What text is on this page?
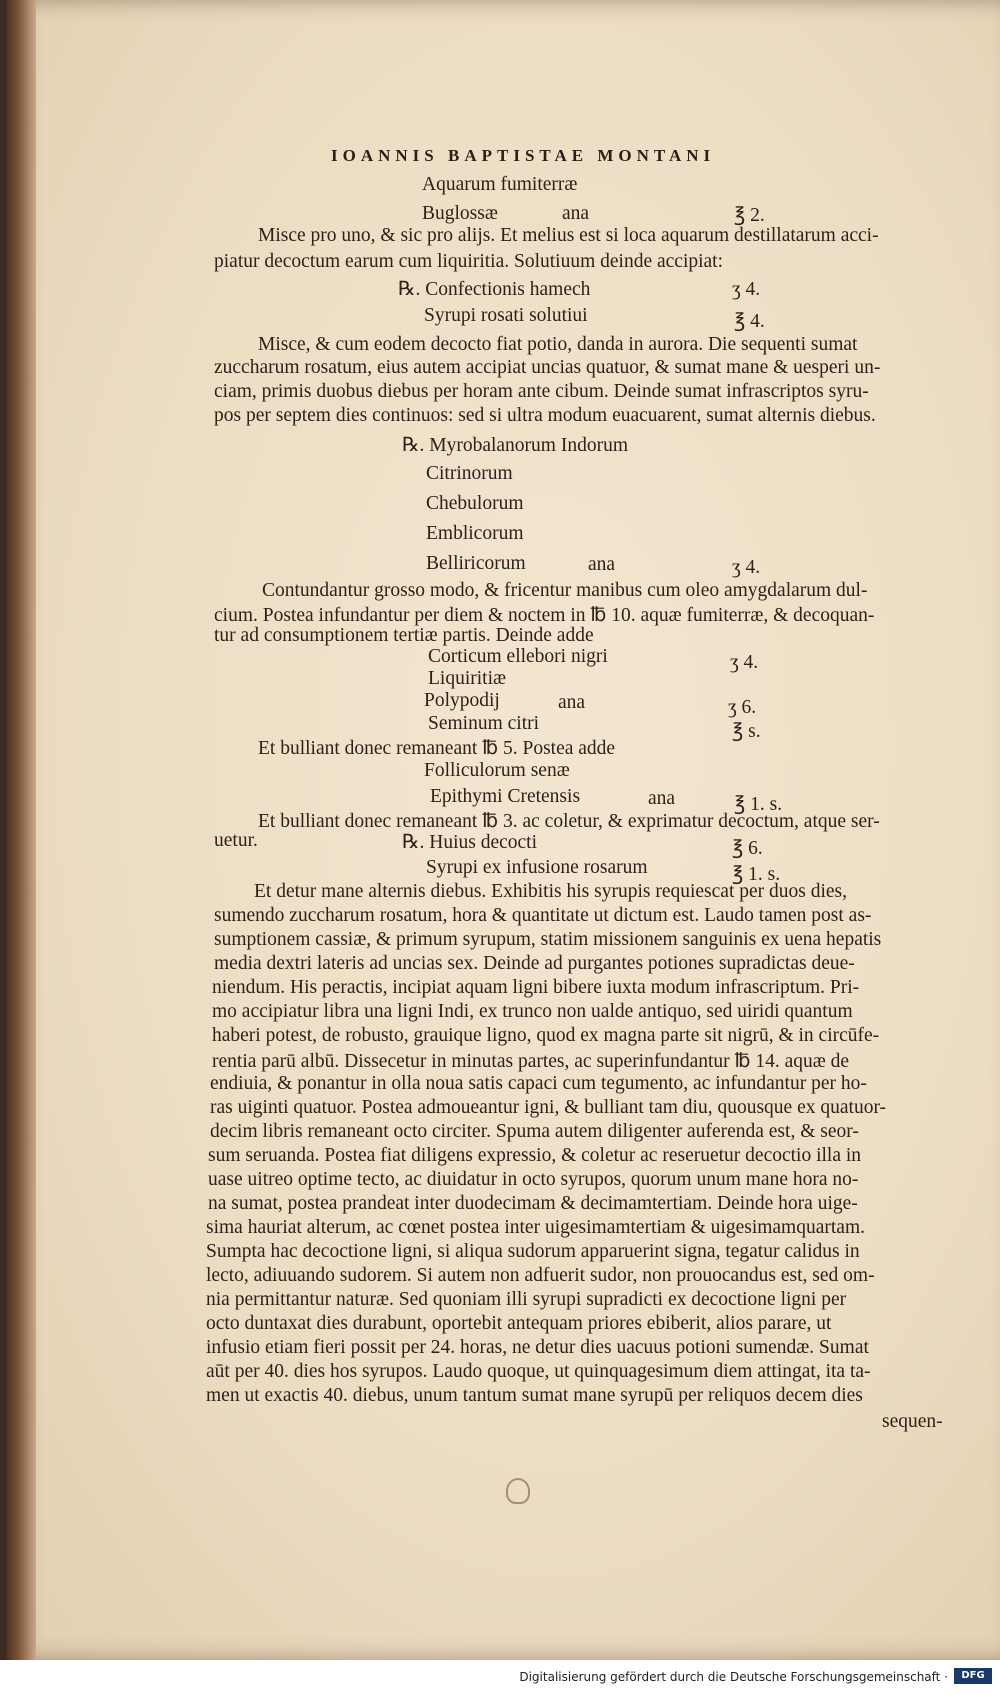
IOANNIS BAPTISTAE MONTANI
Aquarum fumiterræ
Buglossæ	ana	℥ 2.
℞. Confectionis hamech	ʒ 4.
Syrupi rosati solutiui	℥ 4.
℞. Myrobalanorum Indorum
Citrinorum
Chebulorum
Emblicorum
Belliricorum	ana	ʒ 4.
Corticum ellebori nigri	ʒ 4.
Liquiritiæ
Polypodij	ana	ʒ 6.
Seminum citri	℥ s.
Folliculorum senæ
Epithymi Cretensis	ana	℥ 1. s.
℞. Huius decocti	℥ 6.
Syrupi ex infusione rosarum	℥ 1. s.
Misce pro uno, & sic pro alijs. Et melius est si loca aquarum destillatarum acci-
piatur decoctum earum cum liquiritia. Solutiuum deinde accipiat:
Misce, & cum eodem decocto fiat potio, danda in aurora. Die sequenti sumat
zuccharum rosatum, eius autem accipiat uncias quatuor, & sumat mane & uesperi un-
ciam, primis duobus diebus per horam ante cibum. Deinde sumat infrascriptos syru-
pos per septem dies continuos: sed si ultra modum euacuarent, sumat alternis diebus.
Contundantur grosso modo, & fricentur manibus cum oleo amygdalarum dul-
cium. Postea infundantur per diem & noctem in ℔ 10. aquæ fumiterræ, & decoquan-
tur ad consumptionem tertiæ partis. Deinde adde
Et bulliant donec remaneant ℔ 5. Postea adde
Et bulliant donec remaneant ℔ 3. ac coletur, & exprimatur decoctum, atque ser-
uetur.
Et detur mane alternis diebus. Exhibitis his syrupis requiescat per duos dies,
sumendo zuccharum rosatum, hora & quantitate ut dictum est. Laudo tamen post as-
sumptionem cassiæ, & primum syrupum, statim missionem sanguinis ex uena hepatis
media dextri lateris ad uncias sex. Deinde ad purgantes potiones supradictas deue-
niendum. His peractis, incipiat aquam ligni bibere iuxta modum infrascriptum. Pri-
mo accipiatur libra una ligni Indi, ex trunco non ualde antiquo, sed uiridi quantum
haberi potest, de robusto, grauique ligno, quod ex magna parte sit nigrū, & in circūfe-
rentia parū albū. Dissecetur in minutas partes, ac superinfundantur ℔ 14. aquæ de
endiuia, & ponantur in olla noua satis capaci cum tegumento, ac infundantur per ho-
ras uiginti quatuor. Postea admoueantur igni, & bulliant tam diu, quousque ex quatuor-
decim libris remaneant octo circiter. Spuma autem diligenter auferenda est, & seor-
sum seruanda. Postea fiat diligens expressio, & coletur ac reseruetur decoctio illa in
uase uitreo optime tecto, ac diuidatur in octo syrupos, quorum unum mane hora no-
na sumat, postea prandeat inter duodecimam & decimamtertiam. Deinde hora uige-
sima hauriat alterum, ac cœnet postea inter uigesimamtertiam & uigesimamquartam.
Sumpta hac decoctione ligni, si aliqua sudorum apparuerint signa, tegatur calidus in
lecto, adiuuando sudorem. Si autem non adfuerit sudor, non prouocandus est, sed om-
nia permittantur naturæ. Sed quoniam illi syrupi supradicti ex decoctione ligni per
octo duntaxat dies durabunt, oportebit antequam priores ebiberit, alios parare, ut
infusio etiam fieri possit per 24. horas, ne detur dies uacuus potioni sumendæ. Sumat
aūt per 40. dies hos syrupos. Laudo quoque, ut quinquagesimum diem attingat, ita ta-
men ut exactis 40. diebus, unum tantum sumat mane syrupū per reliquos decem dies
sequen-
Digitalisierung gefördert durch die Deutsche Forschungsgemeinschaft ·	DFG
